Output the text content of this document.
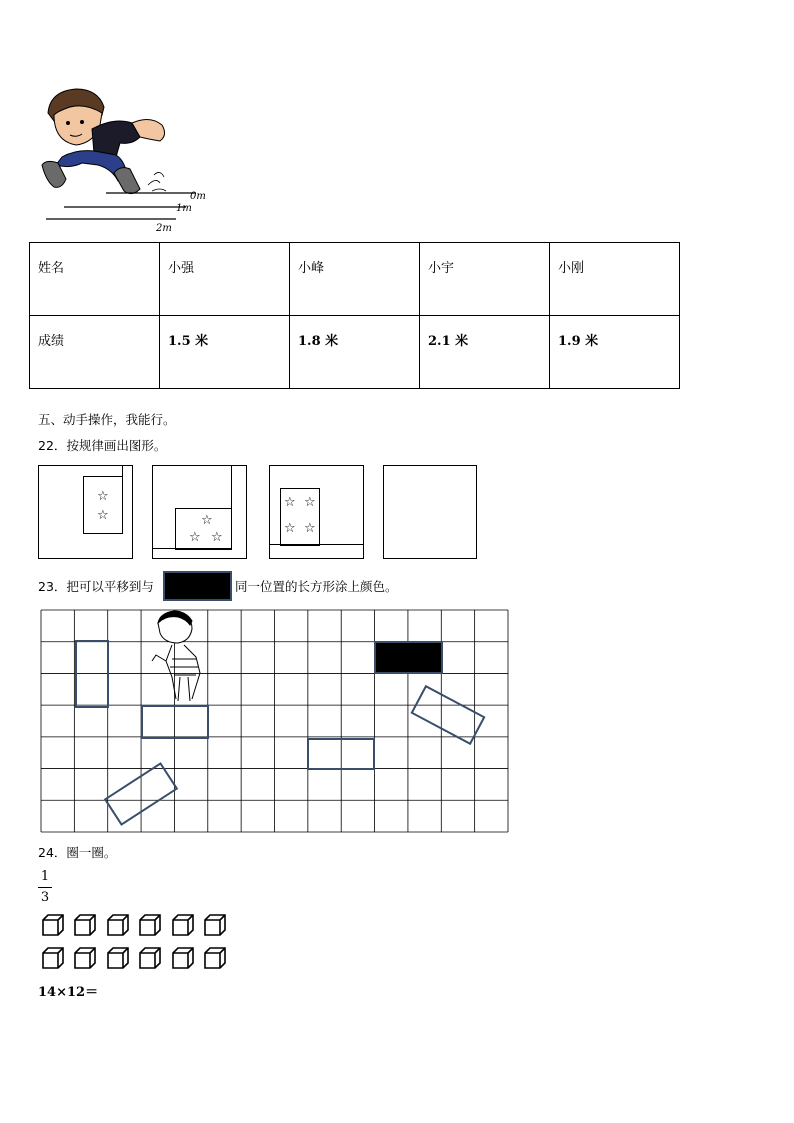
0m
1m
2m
姓名	小强	小峰	小宇	小刚
成绩	1.5 米	1.8 米	2.1 米	1.9 米
五、动手操作，我能行。
22．按规律画出图形。
☆
☆	☆
☆ ☆
☆ ☆
☆ ☆
23．把可以平移到与	同一位置的长方形涂上颜色。
24．圈一圈。
1
3
14×12＝
